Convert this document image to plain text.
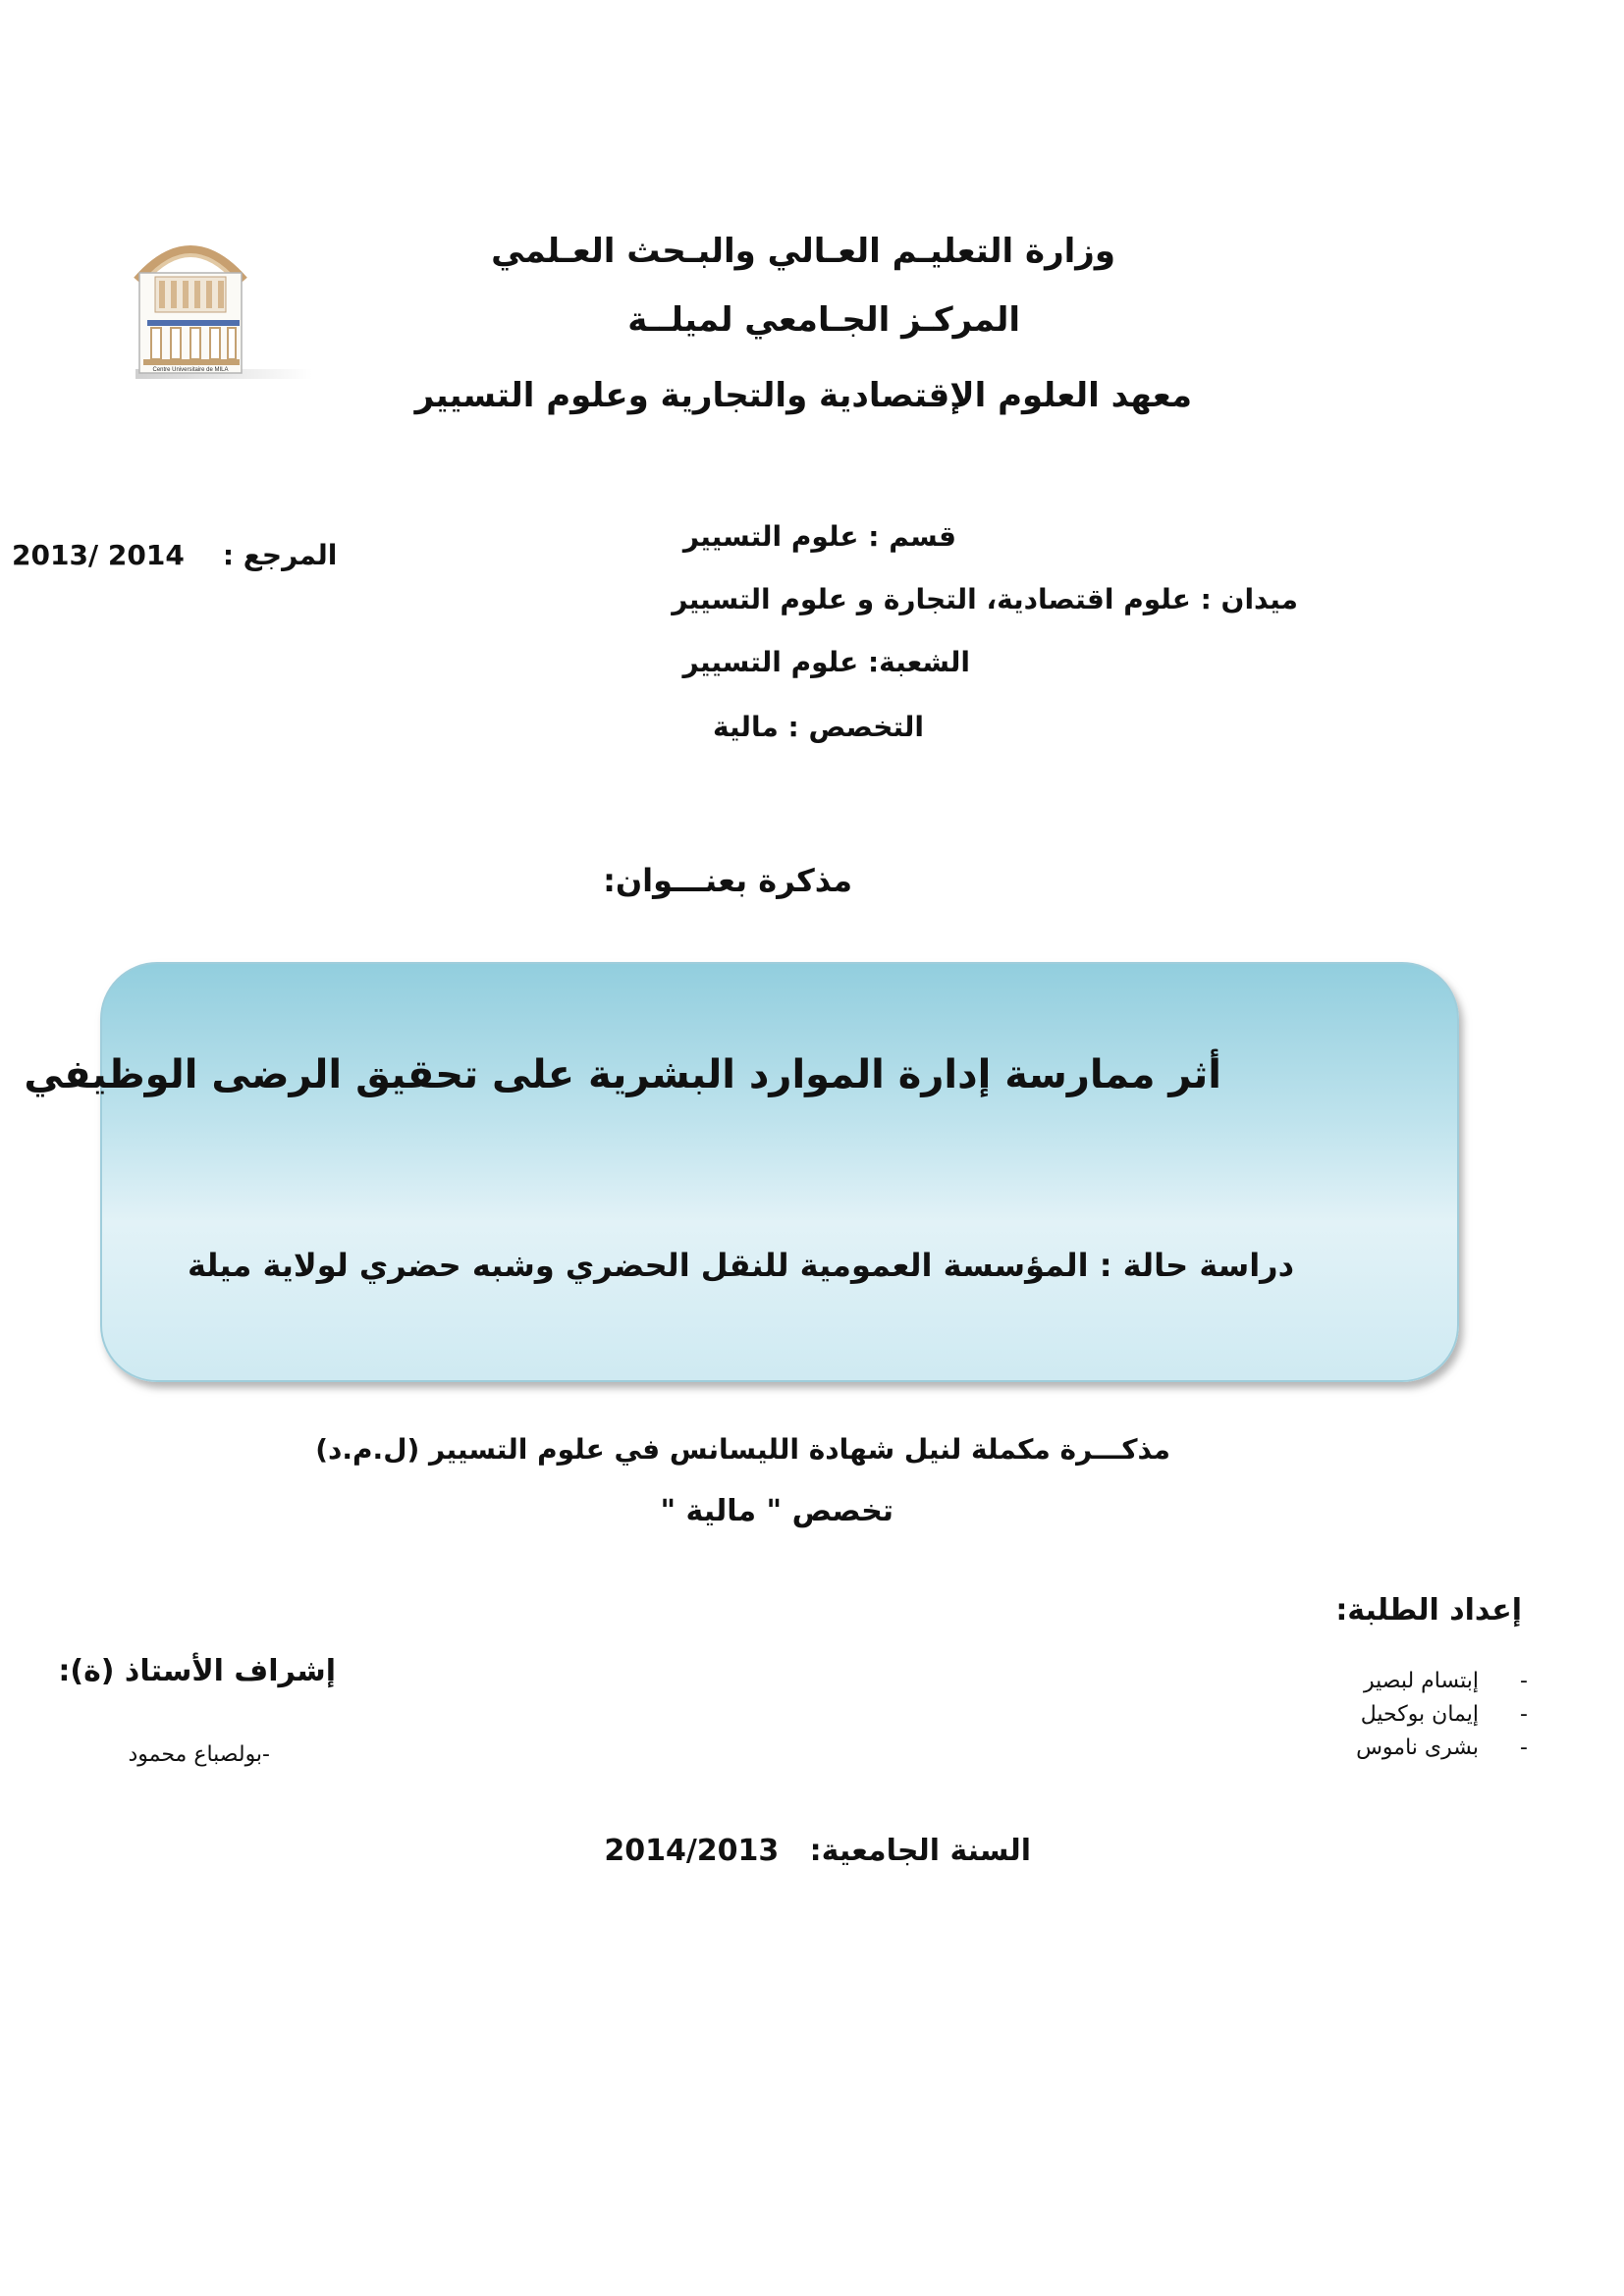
Centre Universitaire de MILA
وزارة التعليـم العـالي والبـحث العـلمي
المركـز الجـامعي لميلــة
معهد العلوم الإقتصادية والتجارية وعلوم التسيير
المرجع :    2013/ 2014
قسم : علوم التسيير
ميدان : علوم اقتصادية، التجارة و علوم التسيير
الشعبة: علوم التسيير
التخصص : مالية
مذكرة بعنـــوان:
أثر ممارسة إدارة الموارد البشرية على تحقيق الرضى الوظيفي
دراسة حالة : المؤسسة العمومية للنقل الحضري وشبه حضري لولاية ميلة
مذكـــرة مكملة لنيل شهادة الليسانس في علوم التسيير (ل.م.د)
تخصص " مالية "
إعداد الطلبة:
-
إبتسام لبصير
-
إيمان بوكحيل
-
بشرى ناموس
إشراف الأستاذ (ة):
-بولصباع محمود
السنة الجامعية:   2014/2013
